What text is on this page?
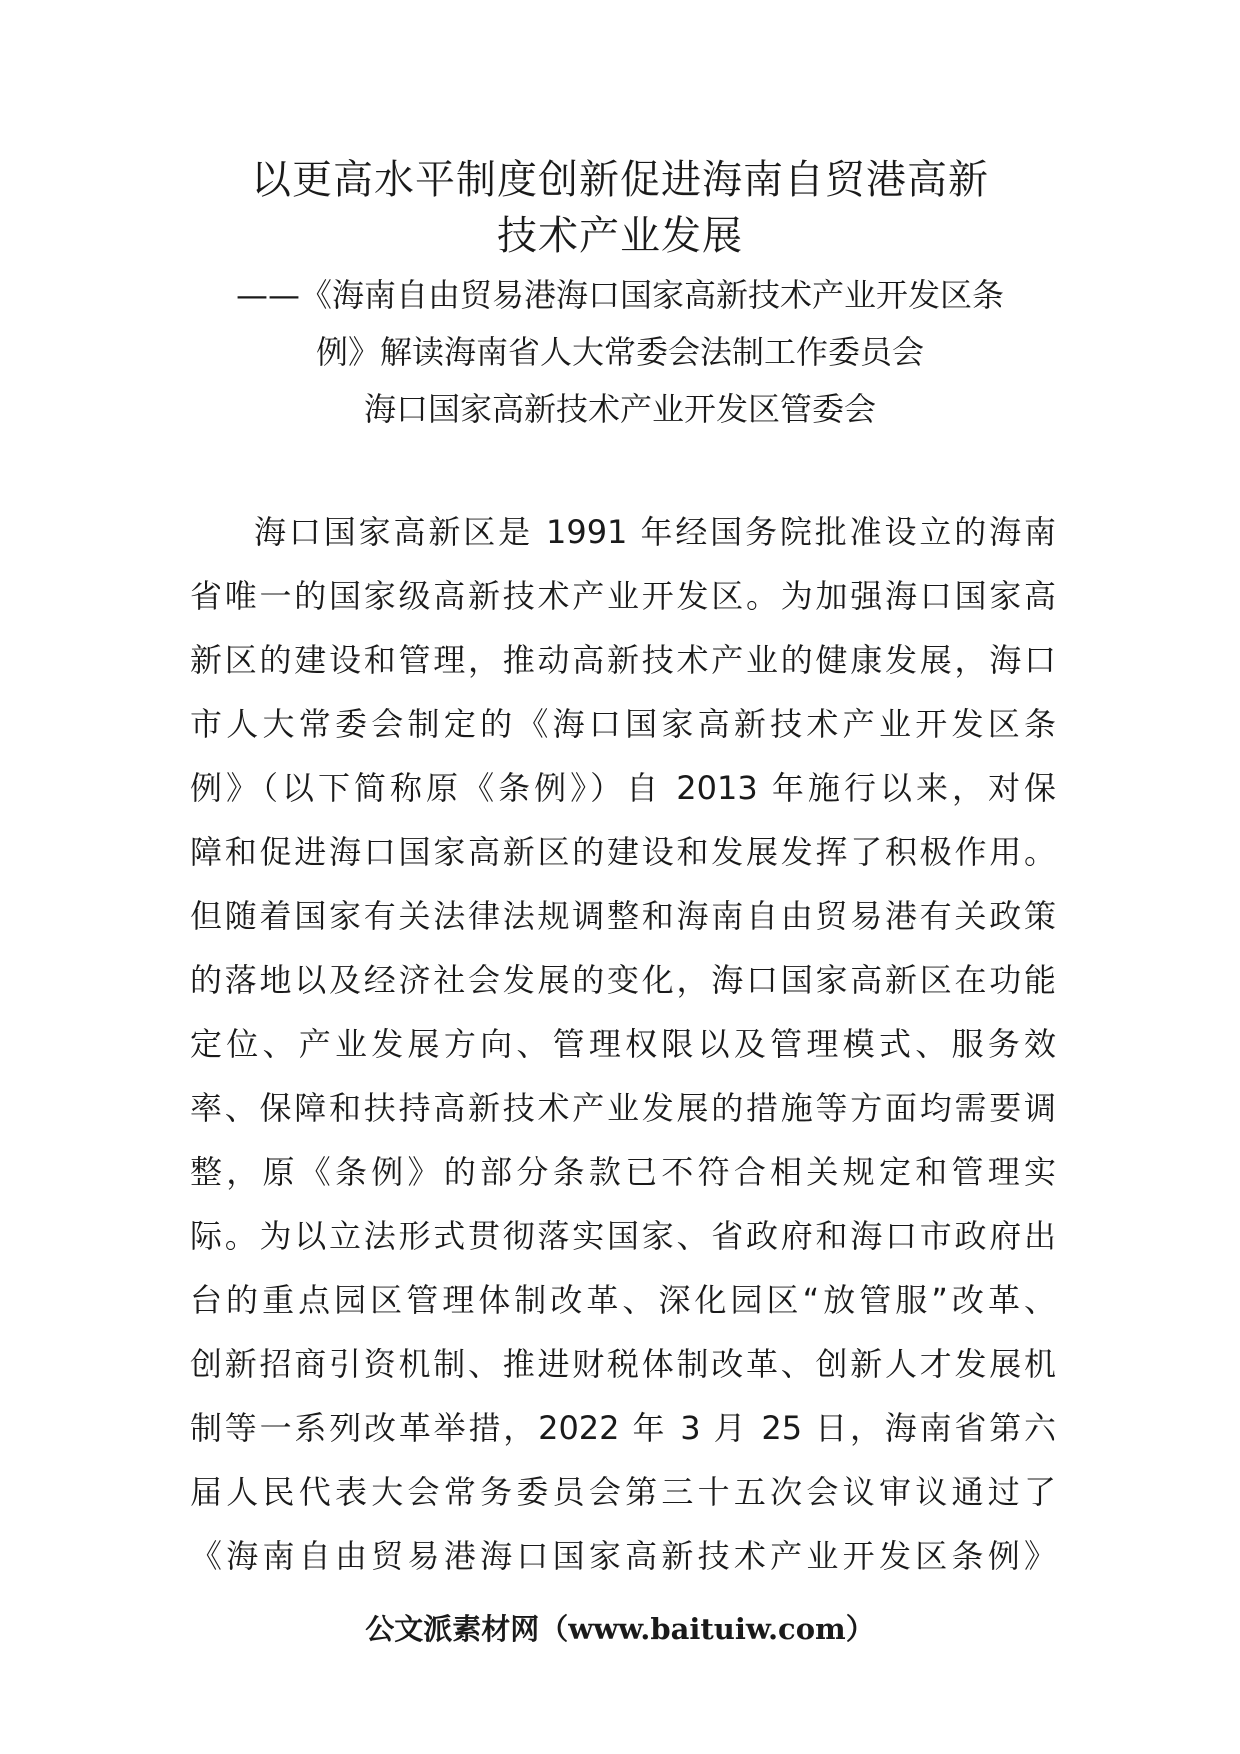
以更高水平制度创新促进海南自贸港高新
技术产业发展

——《海南自由贸易港海口国家高新技术产业开发区条

例》解读海南省人大常委会法制工作委员会

海口国家高新技术产业开发区管委会

海口国家高新区是 1991 年经国务院批准设立的海南
省唯一的国家级高新技术产业开发区。为加强海口国家高
新区的建设和管理，推动高新技术产业的健康发展，海口
市人大常委会制定的《海口国家高新技术产业开发区条
例》（以下简称原《条例》）自 2013 年施行以来，对保
障和促进海口国家高新区的建设和发展发挥了积极作用。
但随着国家有关法律法规调整和海南自由贸易港有关政策
的落地以及经济社会发展的变化，海口国家高新区在功能
定位、产业发展方向、管理权限以及管理模式、服务效
率、保障和扶持高新技术产业发展的措施等方面均需要调
整，原《条例》的部分条款已不符合相关规定和管理实
际。为以立法形式贯彻落实国家、省政府和海口市政府出
台的重点园区管理体制改革、深化园区“放管服”改革、
创新招商引资机制、推进财税体制改革、创新人才发展机
制等一系列改革举措，2022 年 3 月 25 日，海南省第六
届人民代表大会常务委员会第三十五次会议审议通过了
《海南自由贸易港海口国家高新技术产业开发区条例》

公文派素材网（www.baituiw.com）
